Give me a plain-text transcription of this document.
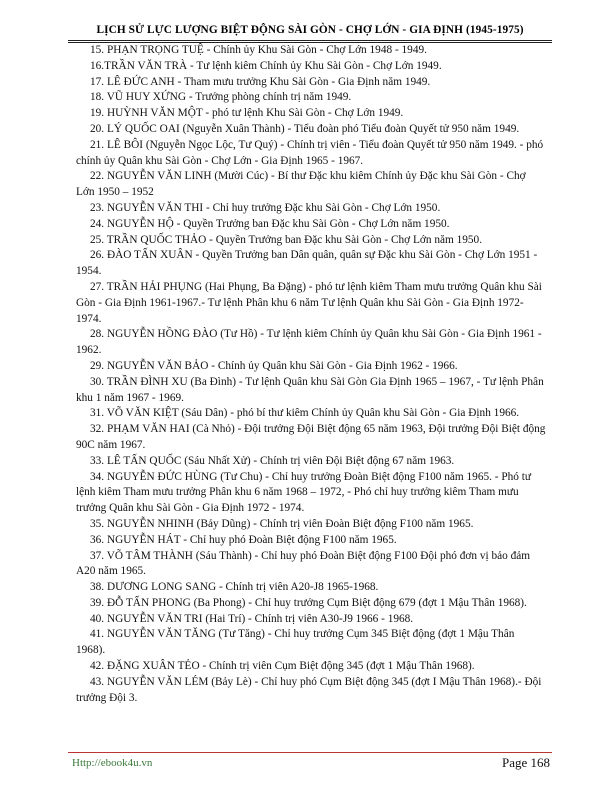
LỊCH SỬ LỰC LƯỢNG BIỆT ĐỘNG SÀI GÒN - CHỢ LỚN - GIA ĐỊNH (1945-1975)
15. PHẠN TRỌNG TUỆ - Chính ủy Khu Sài Gòn - Chợ Lớn 1948 - 1949.
16.TRẦN VĂN TRÀ - Tư lệnh kiêm Chính ủy Khu Sài Gòn - Chợ Lớn 1949.
17. LÊ ĐỨC ANH - Tham mưu trưởng Khu Sài Gòn - Gia Định năm 1949.
18. VŨ HUY XỨNG - Trưởng phòng chính trị năm 1949.
19. HUỲNH VĂN MỘT - phó tư lệnh Khu Sài Gòn - Chợ Lớn 1949.
20. LÝ QUỐC OAI (Nguyễn Xuân Thành) - Tiểu đoàn phó Tiểu đoàn Quyết tử 950 năm 1949.
21. LÊ BÔI (Nguyễn Ngọc Lộc, Tư Quý) - Chính trị viên - Tiểu đoàn Quyết tử 950 năm 1949. - phó chính ủy Quân khu Sài Gòn - Chợ Lớn - Gia Định 1965 - 1967.
22. NGUYỄN VĂN LINH (Mười Cúc) - Bí thư Đặc khu kiêm Chính ủy Đặc khu Sài Gòn - Chợ Lớn 1950 – 1952
23. NGUYỄN VĂN THI - Chỉ huy trưởng Đặc khu Sài Gòn - Chợ Lớn 1950.
24. NGUYỄN HỘ - Quyền Trưởng ban Đặc khu Sài Gòn - Chợ Lớn năm 1950.
25. TRẦN QUỐC THẢO - Quyền Trưởng ban Đặc khu Sài Gòn - Chợ Lớn năm 1950.
26. ĐÀO TẤN XUÂN - Quyền Trưởng ban Dân quân, quân sự Đặc khu Sài Gòn - Chợ Lớn 1951 - 1954.
27. TRẦN HẢI PHỤNG (Hai Phụng, Ba Đặng) - phó tư lệnh kiêm Tham mưu trưởng Quân khu Sài Gòn - Gia Định 1961-1967.- Tư lệnh Phân khu 6 năm Tư lệnh Quân khu Sài Gòn - Gia Định 1972-1974.
28. NGUYỄN HỒNG ĐÀO (Tư Hồ) - Tư lệnh kiêm Chính ủy Quân khu Sài Gòn - Gia Định 1961 - 1962.
29. NGUYỄN VĂN BẢO - Chính ủy Quân khu Sài Gòn - Gia Định 1962 - 1966.
30. TRẦN ĐÌNH XU (Ba Đình) - Tư lệnh Quân khu Sài Gòn Gia Định 1965 – 1967, - Tư lệnh Phân khu 1 năm 1967 - 1969.
31. VÕ VĂN KIỆT (Sáu Dân) - phó bí thư kiêm Chính ủy Quân khu Sài Gòn - Gia Định 1966.
32. PHẠM VĂN HAI (Cà Nhỏ) - Đội trưởng Đội Biệt động 65 năm 1963, Đội trưởng Đội Biệt động 90C năm 1967.
33. LÊ TẤN QUỐC (Sáu Nhất Xử) - Chính trị viên Đội Biệt động 67 năm 1963.
34. NGUYỄN ĐỨC HÙNG (Tư Chu) - Chỉ huy trưởng Đoàn Biệt động F100 năm 1965. - Phó tư lệnh kiêm Tham mưu trưởng Phân khu 6 năm 1968 – 1972, - Phó chỉ huy trưởng kiêm Tham mưu trưởng Quân khu Sài Gòn - Gia Định 1972 - 1974.
35. NGUYỄN NHINH (Bảy Dũng) - Chính trị viên Đoàn Biệt động F100 năm 1965.
36. NGUYỄN HÁT - Chỉ huy phó Đoàn Biệt động F100 năm 1965.
37. VÕ TÂM THÀNH (Sáu Thành) - Chỉ huy phó Đoàn Biệt động F100 Đội phó đơn vị bảo đảm A20 năm 1965.
38. DƯƠNG LONG SANG - Chính trị viên A20-J8 1965-1968.
39. ĐỖ TẤN PHONG (Ba Phong) - Chỉ huy trưởng Cụm Biệt động 679 (đợt 1 Mậu Thân 1968).
40. NGUYỄN VĂN TRI (Hai Trí) - Chính trị viên A30-J9 1966 - 1968.
41. NGUYỄN VĂN TĂNG (Tư Tăng) - Chỉ huy trưởng Cụm 345 Biệt động (đợt 1 Mậu Thân 1968).
42. ĐẶNG XUÂN TẺO - Chính trị viên Cụm Biệt động 345 (đợt 1 Mậu Thân 1968).
43. NGUYỄN VĂN LÉM (Bảy Lè) - Chỉ huy phó Cụm Biệt động 345 (đợt I Mậu Thân 1968).- Đội trưởng Đội 3.
Http://ebook4u.vn	Page 168
